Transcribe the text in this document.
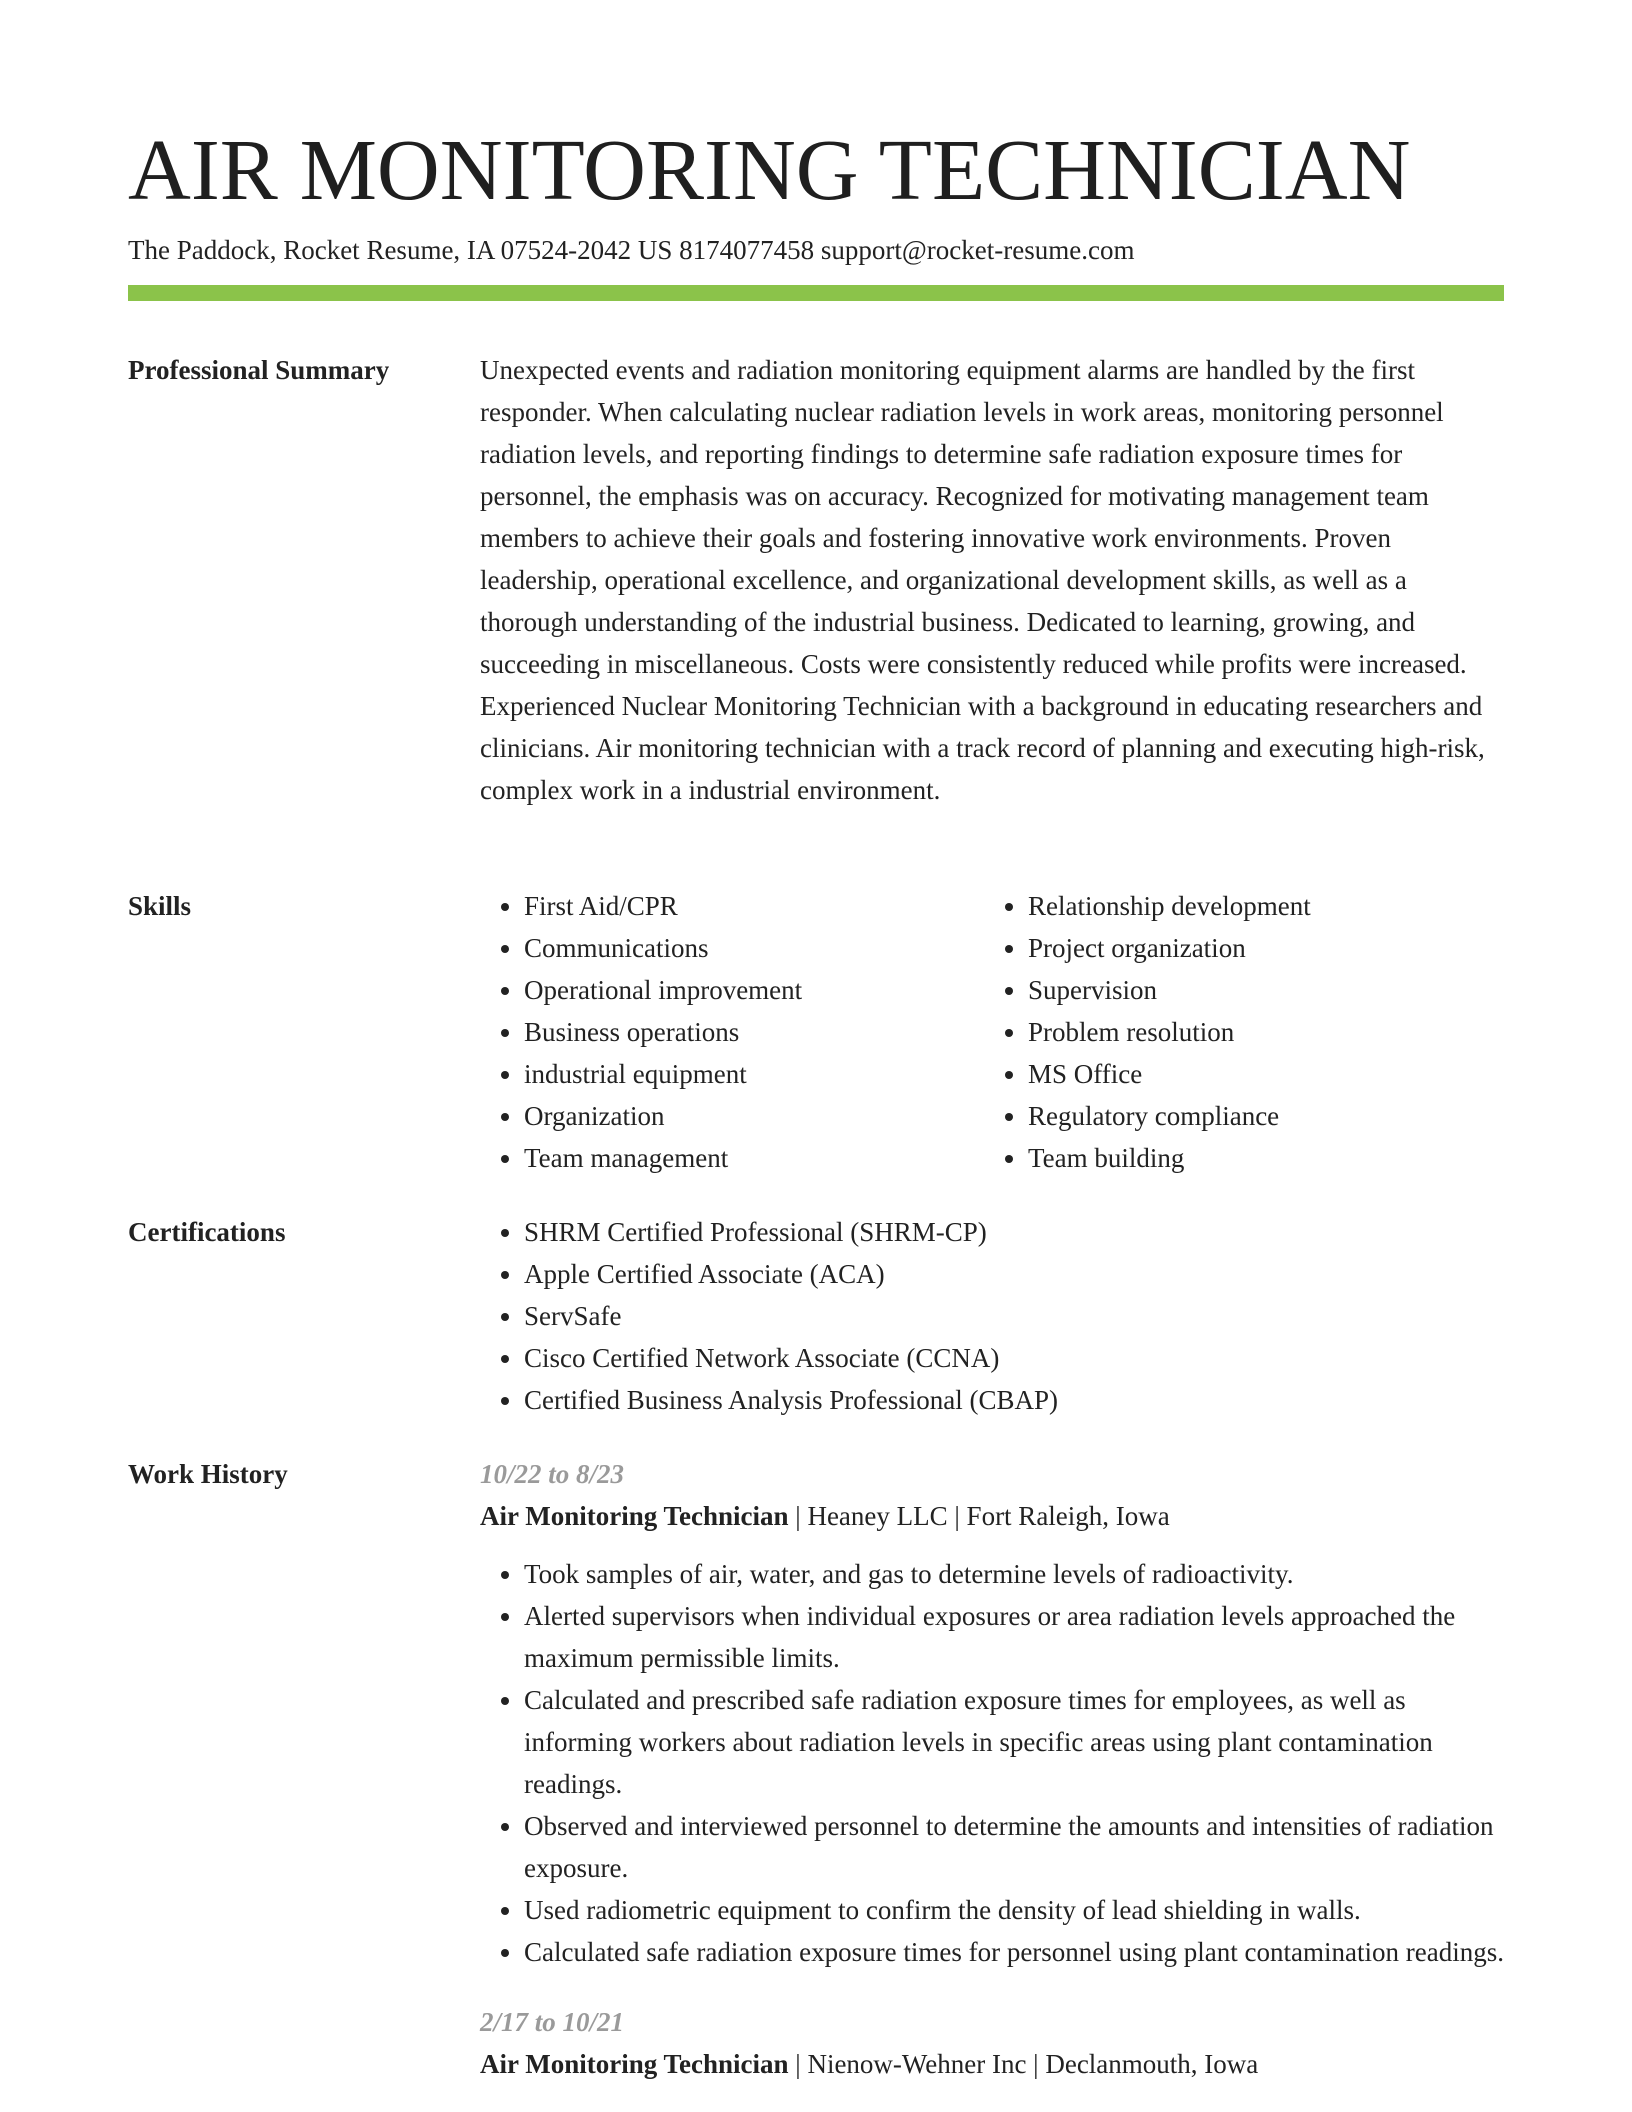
AIR MONITORING TECHNICIAN
The Paddock, Rocket Resume, IA 07524-2042 US 8174077458 support@rocket-resume.com
Professional Summary	Unexpected events and radiation monitoring equipment alarms are handled by the first responder. When calculating nuclear radiation levels in work areas, monitoring personnel radiation levels, and reporting findings to determine safe radiation exposure times for personnel, the emphasis was on accuracy. Recognized for motivating management team members to achieve their goals and fostering innovative work environments. Proven leadership, operational excellence, and organizational development skills, as well as a thorough understanding of the industrial business. Dedicated to learning, growing, and succeeding in miscellaneous. Costs were consistently reduced while profits were increased. Experienced Nuclear Monitoring Technician with a background in educating researchers and clinicians. Air monitoring technician with a track record of planning and executing high-risk, complex work in a industrial environment.

Skills	• First Aid/CPR
• Communications
• Operational improvement
• Business operations
• industrial equipment
• Organization
• Team management
• Relationship development
• Project organization
• Supervision
• Problem resolution
• MS Office
• Regulatory compliance
• Team building
Certifications	• SHRM Certified Professional (SHRM-CP)
• Apple Certified Associate (ACA)
• ServSafe
• Cisco Certified Network Associate (CCNA)
• Certified Business Analysis Professional (CBAP)
Work History	10/22 to 8/23
Air Monitoring Technician | Heaney LLC | Fort Raleigh, Iowa
• Took samples of air, water, and gas to determine levels of radioactivity.
• Alerted supervisors when individual exposures or area radiation levels approached the maximum permissible limits.
• Calculated and prescribed safe radiation exposure times for employees, as well as informing workers about radiation levels in specific areas using plant contamination readings.
• Observed and interviewed personnel to determine the amounts and intensities of radiation exposure.
• Used radiometric equipment to confirm the density of lead shielding in walls.
• Calculated safe radiation exposure times for personnel using plant contamination readings.
2/17 to 10/21
Air Monitoring Technician | Nienow-Wehner Inc | Declanmouth, Iowa
